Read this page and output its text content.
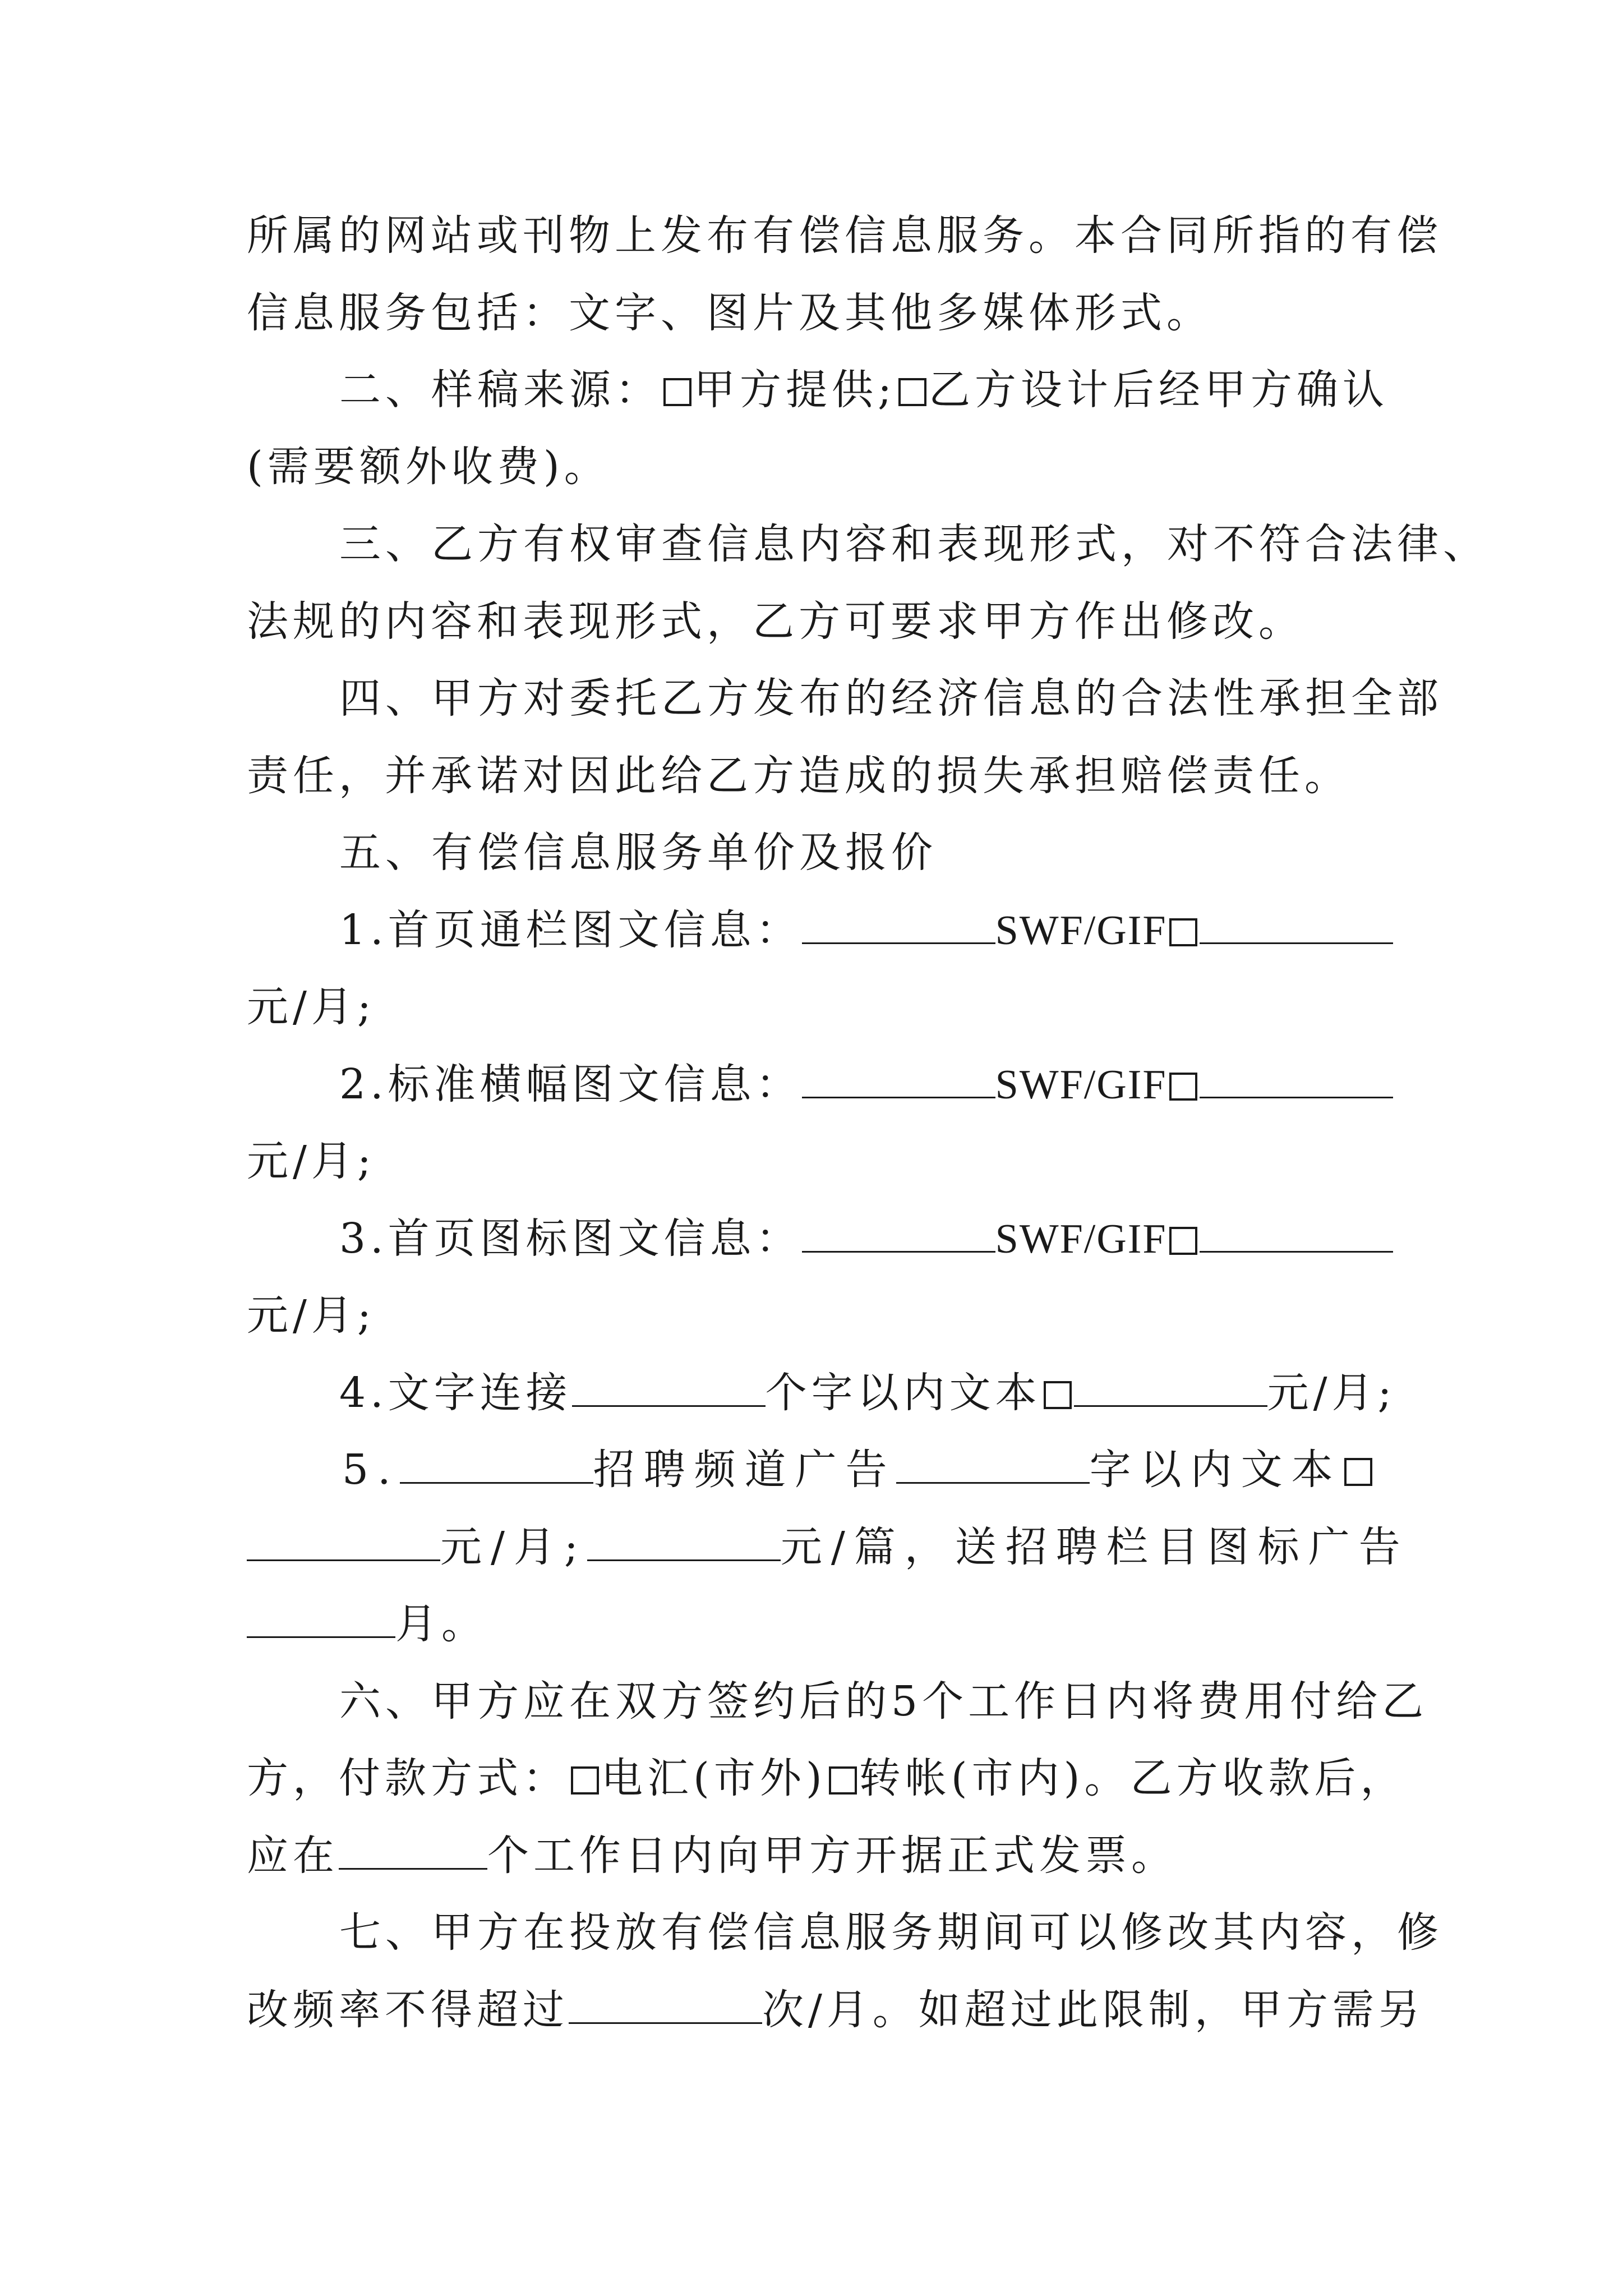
所属的网站或刊物上发布有偿信息服务。本合同所指的有偿
信息服务包括：文字、图片及其他多媒体形式。
二、样稿来源： 甲方提供; 乙方设计后经甲方确认
(需要额外收费)。
三、乙方有权审查信息内容和表现形式，对不符合法律、
法规的内容和表现形式，乙方可要求甲方作出修改。
四、甲方对委托乙方发布的经济信息的合法性承担全部
责任，并承诺对因此给乙方造成的损失承担赔偿责任。
五、有偿信息服务单价及报价
1.首页通栏图文信息：	SWF/GIF
元/月;
2.标准横幅图文信息：	SWF/GIF
元/月;
3.首页图标图文信息：	SWF/GIF
元/月;
4.文字连接	个字以内文本	元/月;
5.	招聘频道广告	字以内文本
元/月;	元/篇，送招聘栏目图标广告
月。
六、甲方应在双方签约后的5个工作日内将费用付给乙
方，付款方式： 电汇(市外) 转帐(市内)。乙方收款后，
应在	个工作日内向甲方开据正式发票。
七、甲方在投放有偿信息服务期间可以修改其内容，修
改频率不得超过	次/月。如超过此限制，甲方需另
